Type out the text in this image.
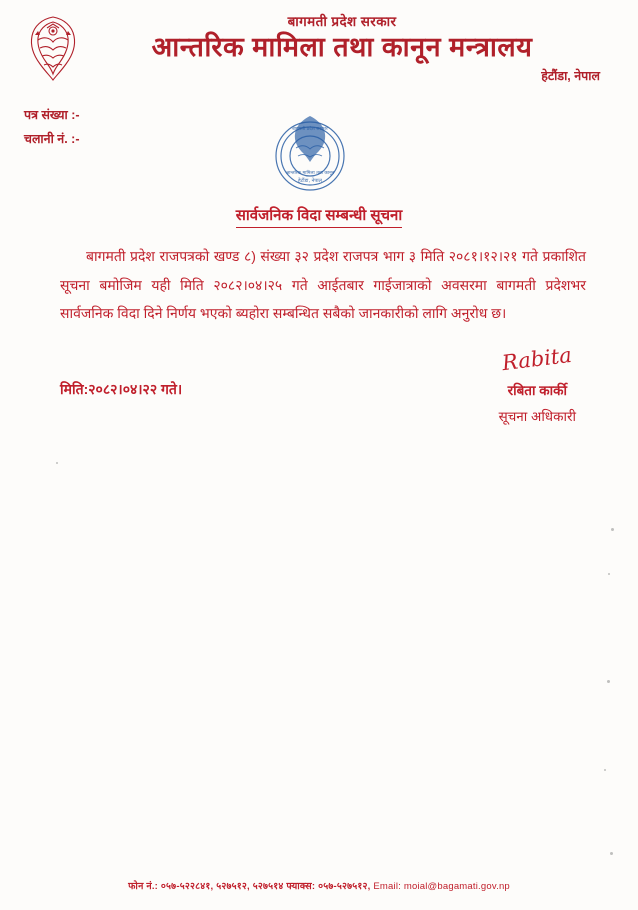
बागमती प्रदेश सरकार
आन्तरिक मामिला तथा कानून मन्त्रालय
हेटौंडा, नेपाल
पत्र संख्या :-
चलानी नं. :-
हेटौंडा, नेपाल
आन्तरिक मामिला तथा कानून
बागमती प्रदेश सरकार
सार्वजनिक विदा सम्बन्धी सूचना
बागमती प्रदेश राजपत्रको खण्ड ८) संख्या ३२ प्रदेश राजपत्र भाग ३ मिति २०८१।१२।२१ गते प्रकाशित सूचना बमोजिम यही मिति २०८२।०४।२५ गते आईतबार गाईजात्राको अवसरमा बागमती प्रदेशभर सार्वजनिक विदा दिने निर्णय भएको ब्यहोरा सम्बन्धित सबैको जानकारीको लागि अनुरोध छ।
मिति:२०८२।०४।२२ गते।
Rabita
रबिता कार्की
सूचना अधिकारी
फोन नं.: ०५७-५२२८४१, ५२७५१२, ५२७५१४ फ्याक्स: ०५७-५२७५१२, Email: moial@bagamati.gov.np
